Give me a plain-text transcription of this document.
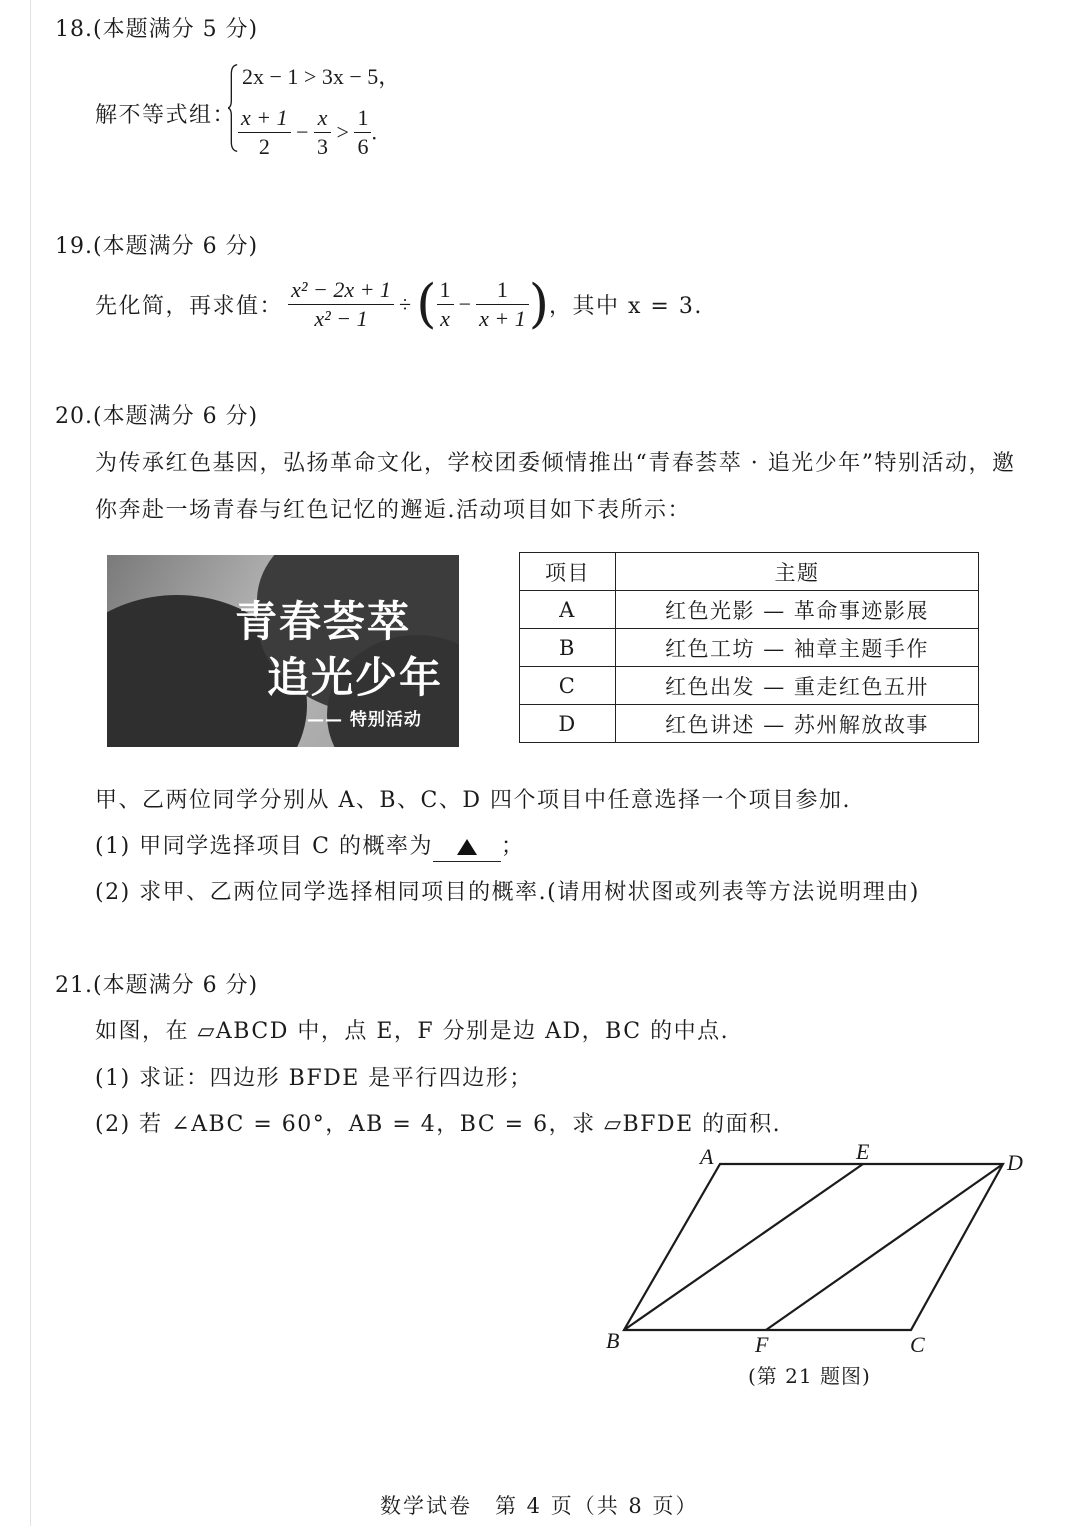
18.(本题满分 5 分)
解不等式组：
2x − 1 > 3x − 5，
$\frac{x + 1}{2} - \frac{x}{3} > \frac{1}{6}$ .
19.(本题满分 6 分)
先化简，再求值： $\frac{\text{x² − 2x + 1}}{\text{x² − 1}}$ ÷ ( $\frac{1}{x} - \frac{1}{x + 1}$ )，其中 x = 3.
20.(本题满分 6 分)
为传承红色基因，弘扬革命文化，学校团委倾情推出“青春荟萃 · 追光少年”特别活动，邀
你奔赴一场青春与红色记忆的邂逅.活动项目如下表所示：
青春荟萃
追光少年
—— 特别活动
项目	主题
A	红色光影 — 革命事迹影展
B	红色工坊 — 袖章主题手作
C	红色出发 — 重走红色五卅
D	红色讲述 — 苏州解放故事
甲、乙两位同学分别从 A、B、C、D 四个项目中任意选择一个项目参加.
(1) 甲同学选择项目 C 的概率为	；
(2) 求甲、乙两位同学选择相同项目的概率.(请用树状图或列表等方法说明理由)
21.(本题满分 6 分)
如图，在 ▱ABCD 中，点 E，F 分别是边 AD，BC 的中点.
(1) 求证：四边形 BFDE 是平行四边形；
(2) 若 ∠ABC = 60°，AB = 4，BC = 6，求 ▱BFDE 的面积.
A	E	D
B	F	C
(第 21 题图)
数学试卷　第 4 页（共 8 页）
